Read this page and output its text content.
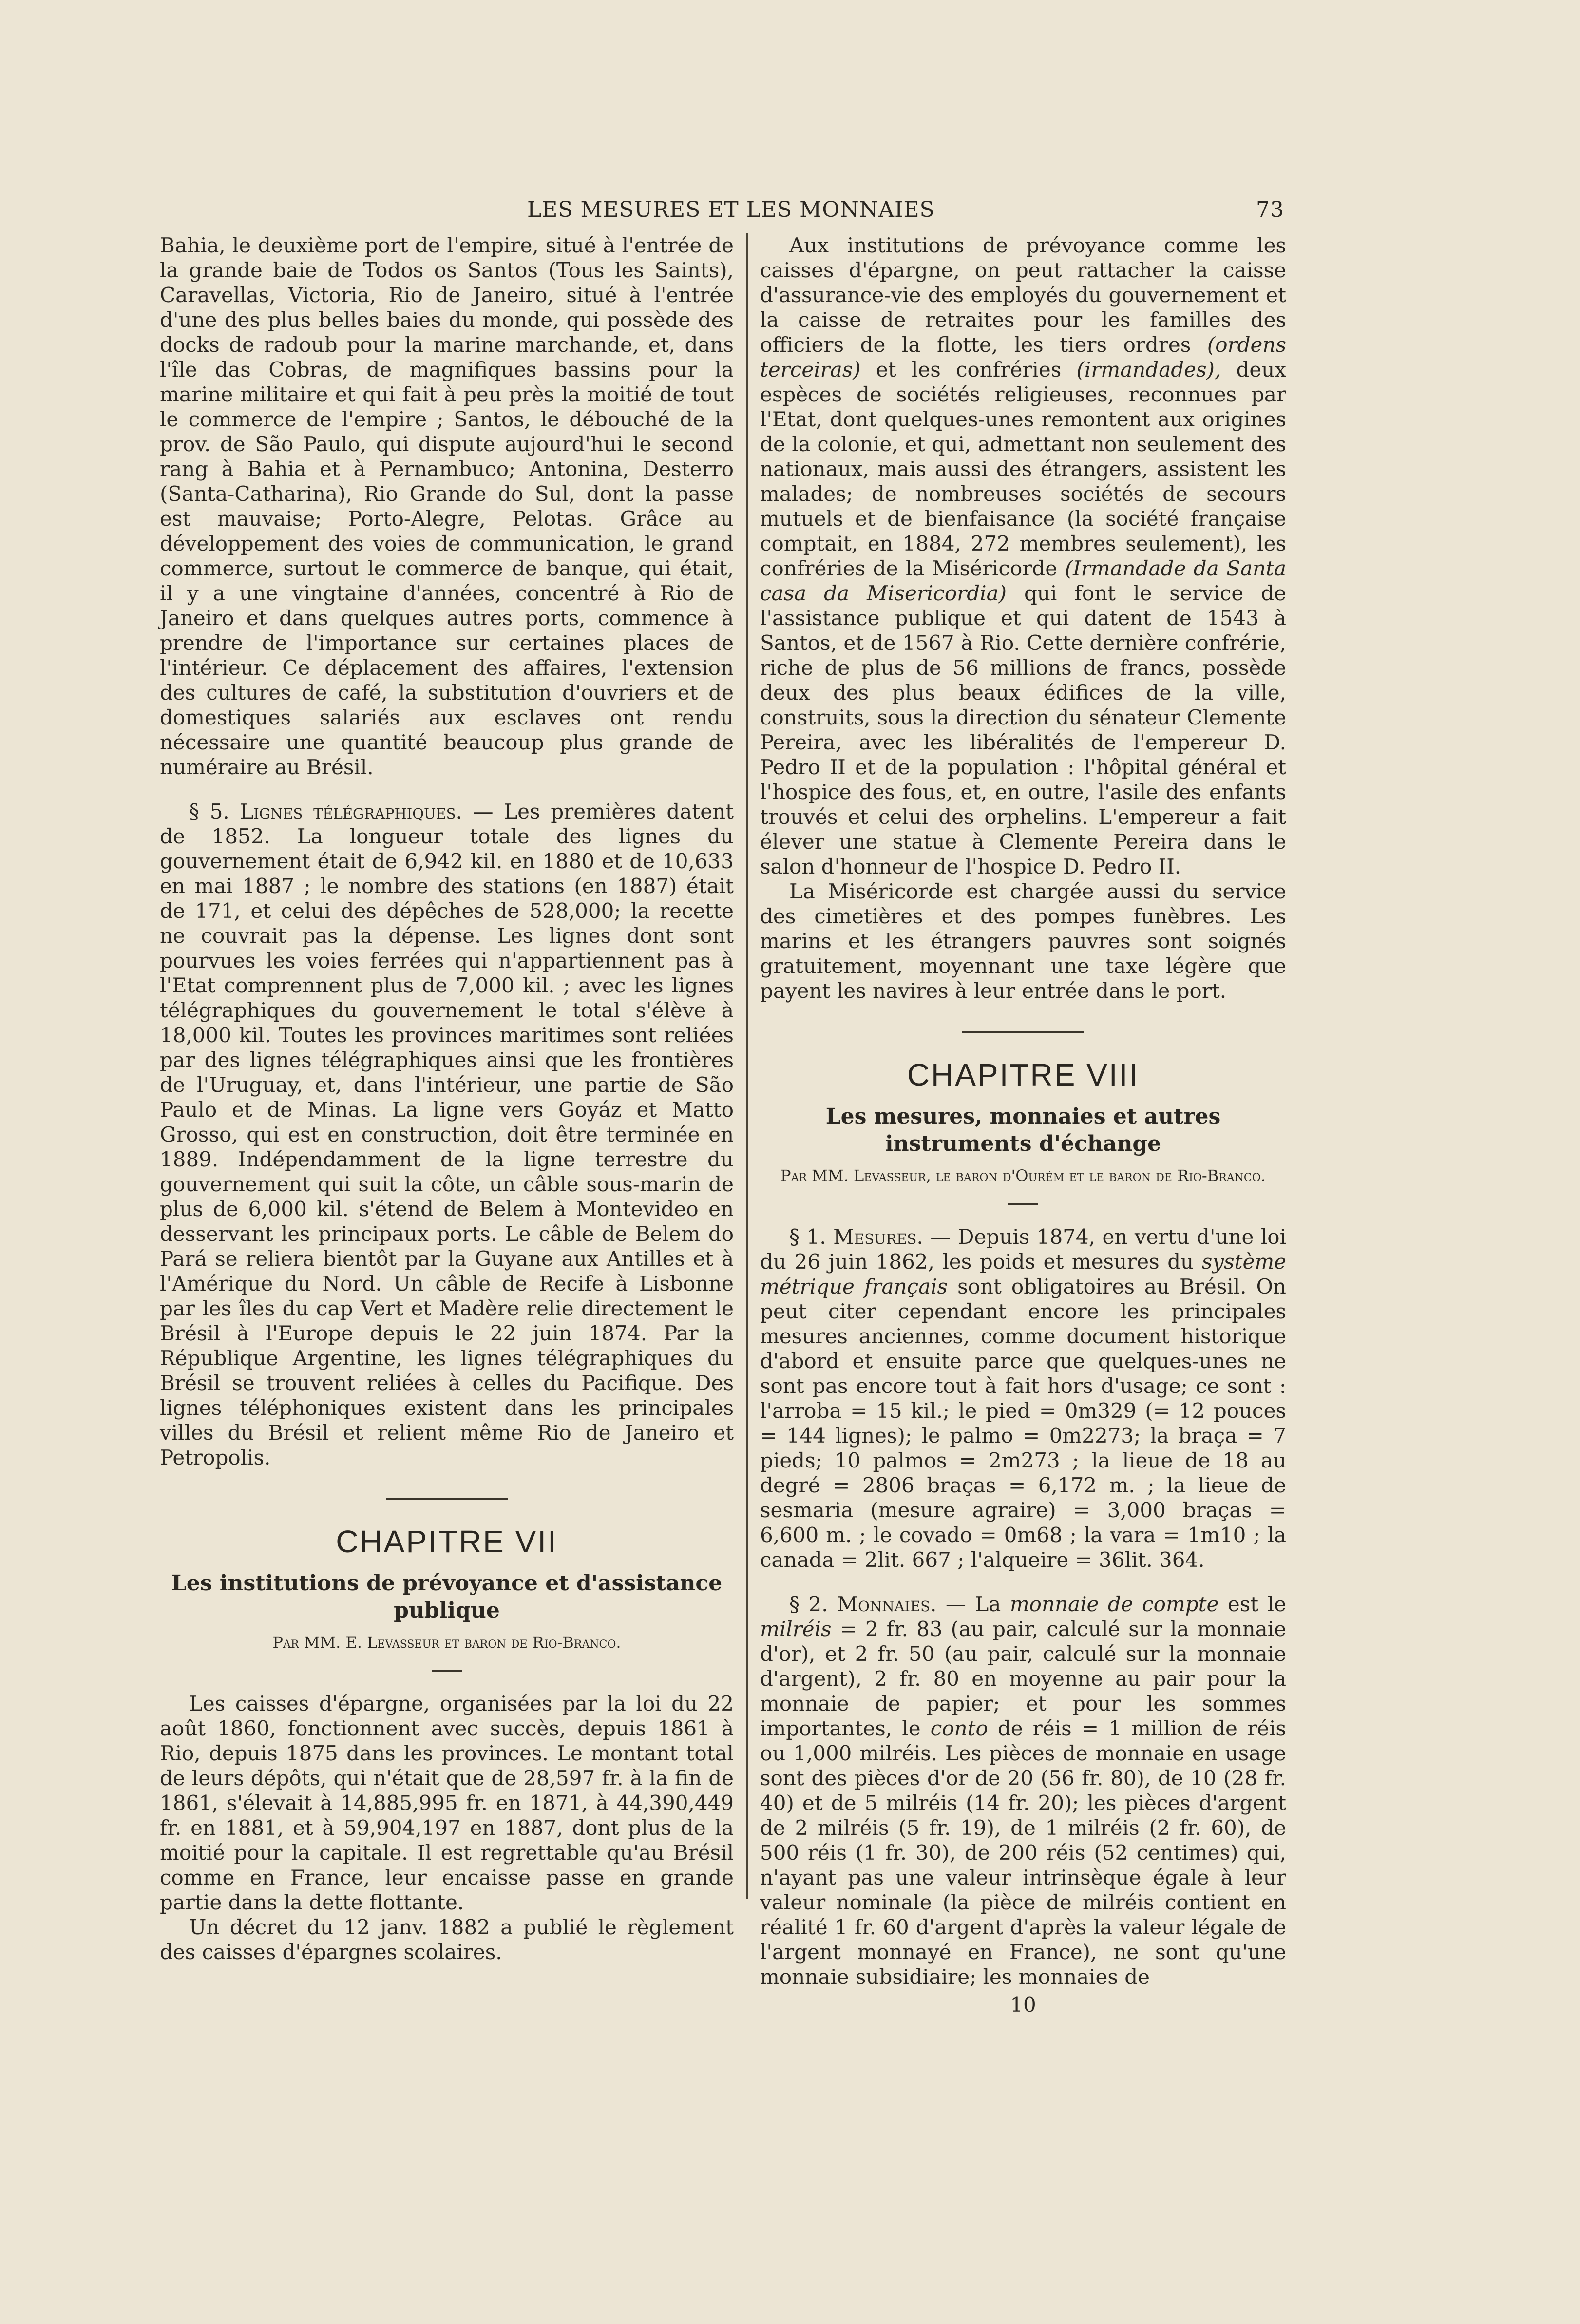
LES MESURES ET LES MONNAIES	73

Bahia, le deuxième port de l'empire, situé à l'entrée de la grande baie de Todos os Santos (Tous les Saints), Caravellas, Victoria, Rio de Janeiro, situé à l'entrée d'une des plus belles baies du monde, qui possède des docks de radoub pour la marine marchande, et, dans l'île das Cobras, de magnifiques bassins pour la marine militaire et qui fait à peu près la moitié de tout le commerce de l'empire ; Santos, le débouché de la prov. de São Paulo, qui dispute aujourd'hui le second rang à Bahia et à Pernambuco; Antonina, Desterro (Santa-Catharina), Rio Grande do Sul, dont la passe est mauvaise; Porto-Alegre, Pelotas. Grâce au développement des voies de communication, le grand commerce, surtout le commerce de banque, qui était, il y a une vingtaine d'années, concentré à Rio de Janeiro et dans quelques autres ports, commence à prendre de l'importance sur certaines places de l'intérieur. Ce déplacement des affaires, l'extension des cultures de café, la substitution d'ouvriers et de domestiques salariés aux esclaves ont rendu nécessaire une quantité beaucoup plus grande de numéraire au Brésil.

§ 5. Lignes télégraphiques. — Les premières datent de 1852. La longueur totale des lignes du gouvernement était de 6,942 kil. en 1880 et de 10,633 en mai 1887 ; le nombre des stations (en 1887) était de 171, et celui des dépêches de 528,000; la recette ne couvrait pas la dépense. Les lignes dont sont pourvues les voies ferrées qui n'appartiennent pas à l'Etat comprennent plus de 7,000 kil. ; avec les lignes télégraphiques du gouvernement le total s'élève à 18,000 kil. Toutes les provinces maritimes sont reliées par des lignes télégraphiques ainsi que les frontières de l'Uruguay, et, dans l'intérieur, une partie de São Paulo et de Minas. La ligne vers Goyáz et Matto Grosso, qui est en construction, doit être terminée en 1889. Indépendamment de la ligne terrestre du gouvernement qui suit la côte, un câble sous-marin de plus de 6,000 kil. s'étend de Belem à Montevideo en desservant les principaux ports. Le câble de Belem do Pará se reliera bientôt par la Guyane aux Antilles et à l'Amérique du Nord. Un câble de Recife à Lisbonne par les îles du cap Vert et Madère relie directement le Brésil à l'Europe depuis le 22 juin 1874. Par la République Argentine, les lignes télégraphiques du Brésil se trouvent reliées à celles du Pacifique. Des lignes téléphoniques existent dans les principales villes du Brésil et relient même Rio de Janeiro et Petropolis.

CHAPITRE VII
Les institutions de prévoyance et d'assistance publique
Par MM. E. Levasseur et baron de Rio-Branco.

Les caisses d'épargne, organisées par la loi du 22 août 1860, fonctionnent avec succès, depuis 1861 à Rio, depuis 1875 dans les provinces. Le montant total de leurs dépôts, qui n'était que de 28,597 fr. à la fin de 1861, s'élevait à 14,885,995 fr. en 1871, à 44,390,449 fr. en 1881, et à 59,904,197 en 1887, dont plus de la moitié pour la capitale. Il est regrettable qu'au Brésil comme en France, leur encaisse passe en grande partie dans la dette flottante.

Un décret du 12 janv. 1882 a publié le règlement des caisses d'épargnes scolaires.

Aux institutions de prévoyance comme les caisses d'épargne, on peut rattacher la caisse d'assurance-vie des employés du gouvernement et la caisse de retraites pour les familles des officiers de la flotte, les tiers ordres (ordens terceiras) et les confréries (irmandades), deux espèces de sociétés religieuses, reconnues par l'Etat, dont quelques-unes remontent aux origines de la colonie, et qui, admettant non seulement des nationaux, mais aussi des étrangers, assistent les malades; de nombreuses sociétés de secours mutuels et de bienfaisance (la société française comptait, en 1884, 272 membres seulement), les confréries de la Miséricorde (Irmandade da Santa casa da Misericordia) qui font le service de l'assistance publique et qui datent de 1543 à Santos, et de 1567 à Rio. Cette dernière confrérie, riche de plus de 56 millions de francs, possède deux des plus beaux édifices de la ville, construits, sous la direction du sénateur Clemente Pereira, avec les libéralités de l'empereur D. Pedro II et de la population : l'hôpital général et l'hospice des fous, et, en outre, l'asile des enfants trouvés et celui des orphelins. L'empereur a fait élever une statue à Clemente Pereira dans le salon d'honneur de l'hospice D. Pedro II.

La Miséricorde est chargée aussi du service des cimetières et des pompes funèbres. Les marins et les étrangers pauvres sont soignés gratuitement, moyennant une taxe légère que payent les navires à leur entrée dans le port.

CHAPITRE VIII
Les mesures, monnaies et autres instruments d'échange
Par MM. Levasseur, le baron d'Ourém et le baron de Rio-Branco.

§ 1. Mesures. — Depuis 1874, en vertu d'une loi du 26 juin 1862, les poids et mesures du système métrique français sont obligatoires au Brésil. On peut citer cependant encore les principales mesures anciennes, comme document historique d'abord et ensuite parce que quelques-unes ne sont pas encore tout à fait hors d'usage; ce sont : l'arroba = 15 kil.; le pied = 0m329 (= 12 pouces = 144 lignes); le palmo = 0m2273; la braça = 7 pieds; 10 palmos = 2m273 ; la lieue de 18 au degré = 2806 braças = 6,172 m. ; la lieue de sesmaria (mesure agraire) = 3,000 braças = 6,600 m. ; le covado = 0m68 ; la vara = 1m10 ; la canada = 2lit. 667 ; l'alqueire = 36lit. 364.

§ 2. Monnaies. — La monnaie de compte est le milréis = 2 fr. 83 (au pair, calculé sur la monnaie d'or), et 2 fr. 50 (au pair, calculé sur la monnaie d'argent), 2 fr. 80 en moyenne au pair pour la monnaie de papier; et pour les sommes importantes, le conto de réis = 1 million de réis ou 1,000 milréis. Les pièces de monnaie en usage sont des pièces d'or de 20 (56 fr. 80), de 10 (28 fr. 40) et de 5 milréis (14 fr. 20); les pièces d'argent de 2 milréis (5 fr. 19), de 1 milréis (2 fr. 60), de 500 réis (1 fr. 30), de 200 réis (52 centimes) qui, n'ayant pas une valeur intrinsèque égale à leur valeur nominale (la pièce de milréis contient en réalité 1 fr. 60 d'argent d'après la valeur légale de l'argent monnayé en France), ne sont qu'une monnaie subsidiaire; les monnaies de

10
